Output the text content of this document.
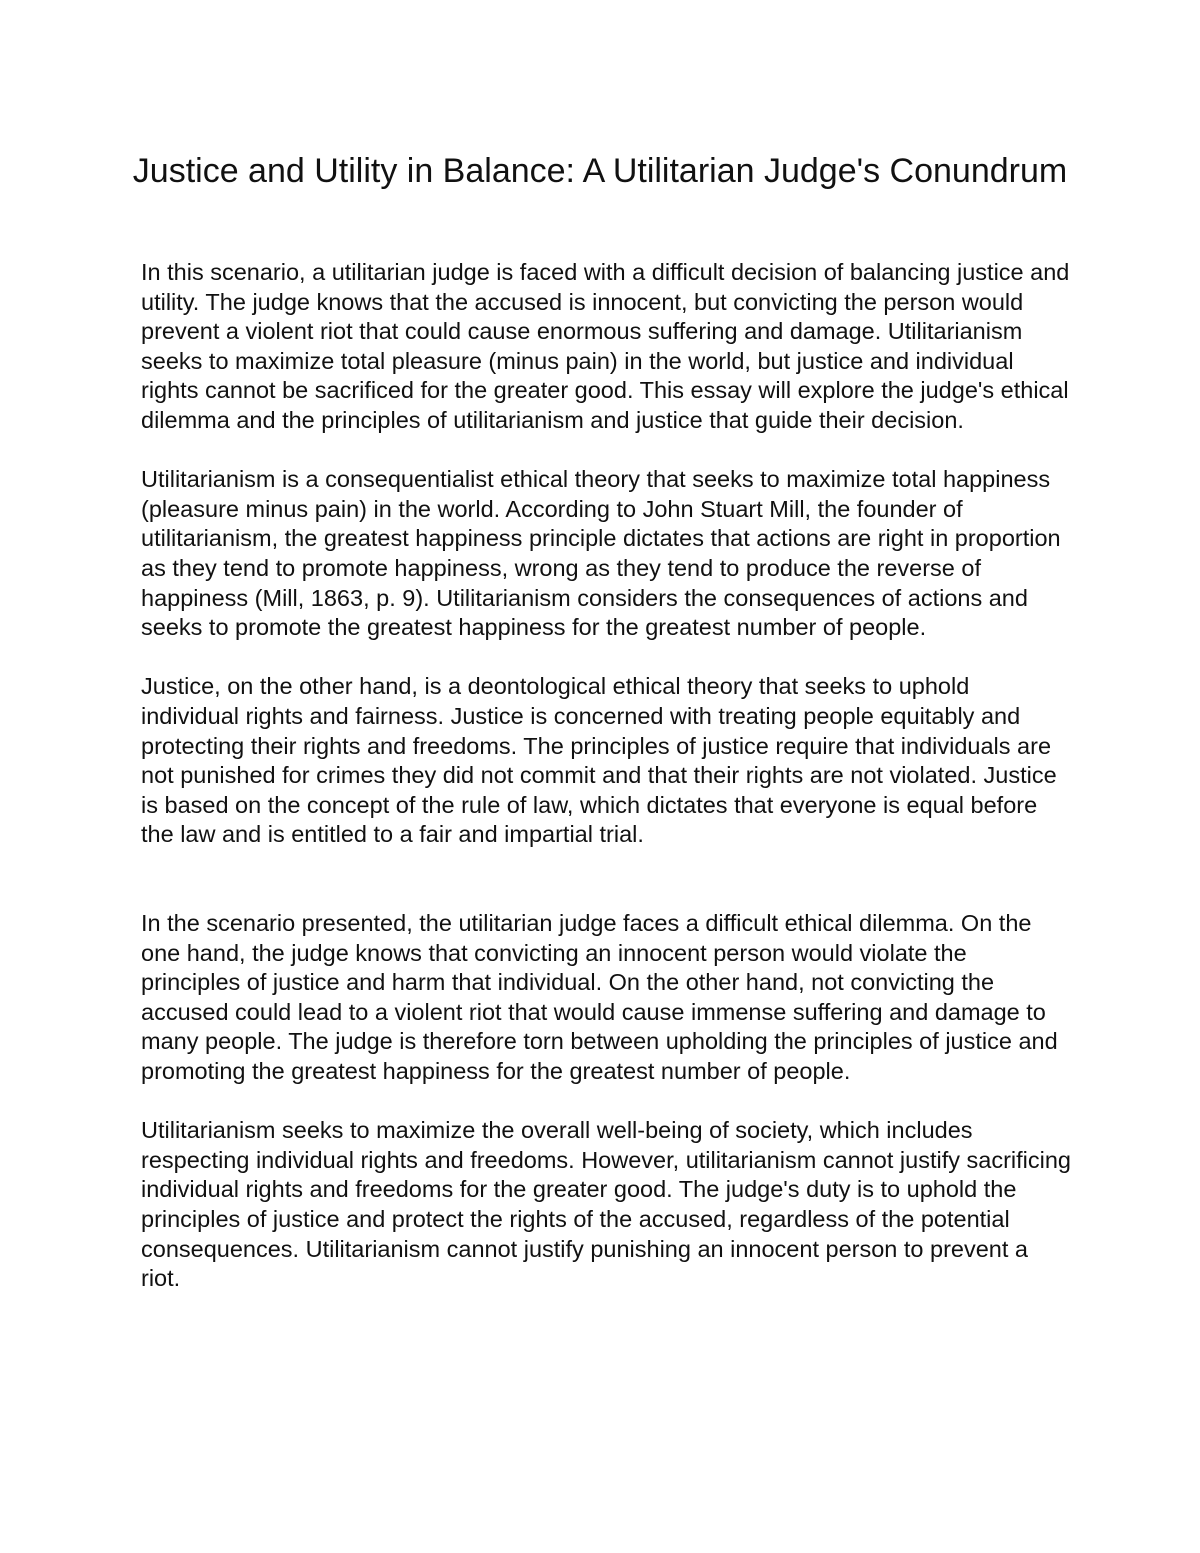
Justice and Utility in Balance: A Utilitarian Judge's Conundrum

In this scenario, a utilitarian judge is faced with a difficult decision of balancing justice and utility. The judge knows that the accused is innocent, but convicting the person would prevent a violent riot that could cause enormous suffering and damage. Utilitarianism seeks to maximize total pleasure (minus pain) in the world, but justice and individual rights cannot be sacrificed for the greater good. This essay will explore the judge's ethical dilemma and the principles of utilitarianism and justice that guide their decision.

Utilitarianism is a consequentialist ethical theory that seeks to maximize total happiness (pleasure minus pain) in the world. According to John Stuart Mill, the founder of utilitarianism, the greatest happiness principle dictates that actions are right in proportion as they tend to promote happiness, wrong as they tend to produce the reverse of happiness (Mill, 1863, p. 9). Utilitarianism considers the consequences of actions and seeks to promote the greatest happiness for the greatest number of people.

Justice, on the other hand, is a deontological ethical theory that seeks to uphold individual rights and fairness. Justice is concerned with treating people equitably and protecting their rights and freedoms. The principles of justice require that individuals are not punished for crimes they did not commit and that their rights are not violated. Justice is based on the concept of the rule of law, which dictates that everyone is equal before the law and is entitled to a fair and impartial trial.

In the scenario presented, the utilitarian judge faces a difficult ethical dilemma. On the one hand, the judge knows that convicting an innocent person would violate the principles of justice and harm that individual. On the other hand, not convicting the accused could lead to a violent riot that would cause immense suffering and damage to many people. The judge is therefore torn between upholding the principles of justice and promoting the greatest happiness for the greatest number of people.

Utilitarianism seeks to maximize the overall well-being of society, which includes respecting individual rights and freedoms. However, utilitarianism cannot justify sacrificing individual rights and freedoms for the greater good. The judge's duty is to uphold the principles of justice and protect the rights of the accused, regardless of the potential consequences. Utilitarianism cannot justify punishing an innocent person to prevent a riot.
